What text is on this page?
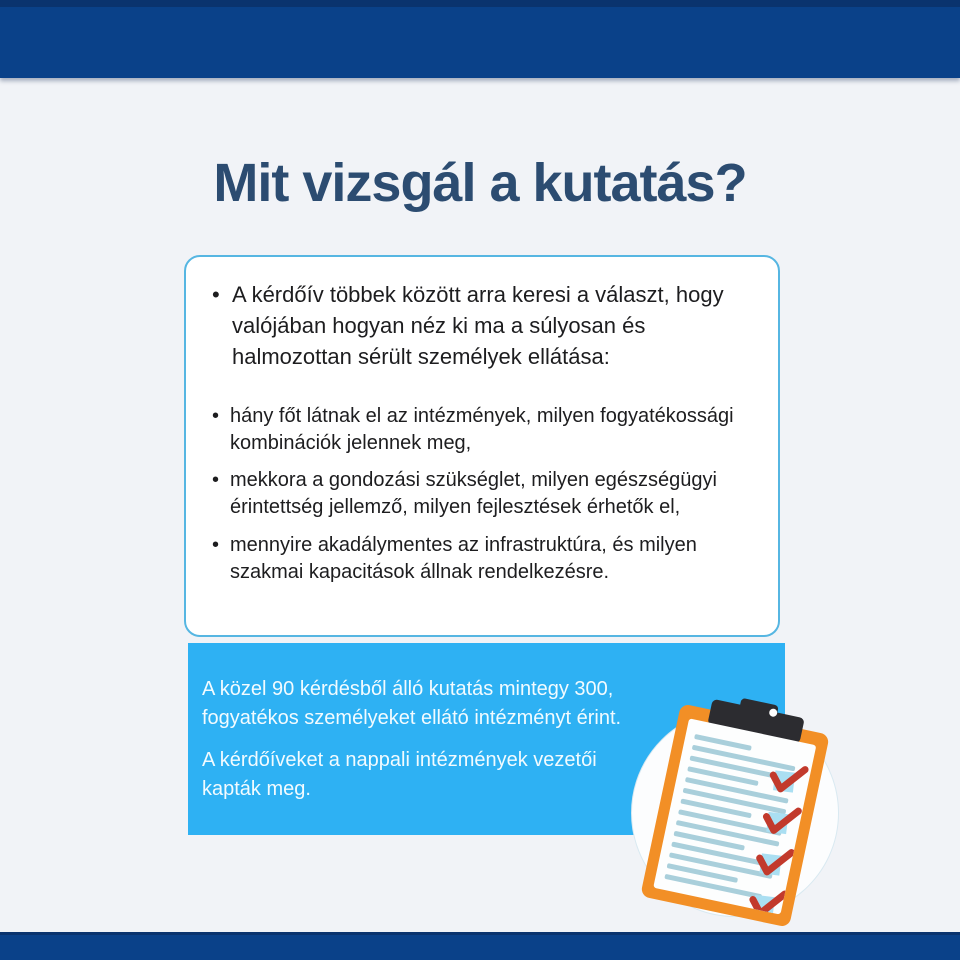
Mit vizsgál a kutatás?
• A kérdőív többek között arra keresi a választ, hogy valójában hogyan néz ki ma a súlyosan és halmozottan sérült személyek ellátása:
• hány főt látnak el az intézmények, milyen fogyatékossági kombinációk jelennek meg,
• mekkora a gondozási szükséglet, milyen egészségügyi érintettség jellemző, milyen fejlesztések érhetők el,
• mennyire akadálymentes az infrastruktúra, és milyen szakmai kapacitások állnak rendelkezésre.

A közel 90 kérdésből álló kutatás mintegy 300, fogyatékos személyeket ellátó intézményt érint.

A kérdőíveket a nappali intézmények vezetői kapták meg.
